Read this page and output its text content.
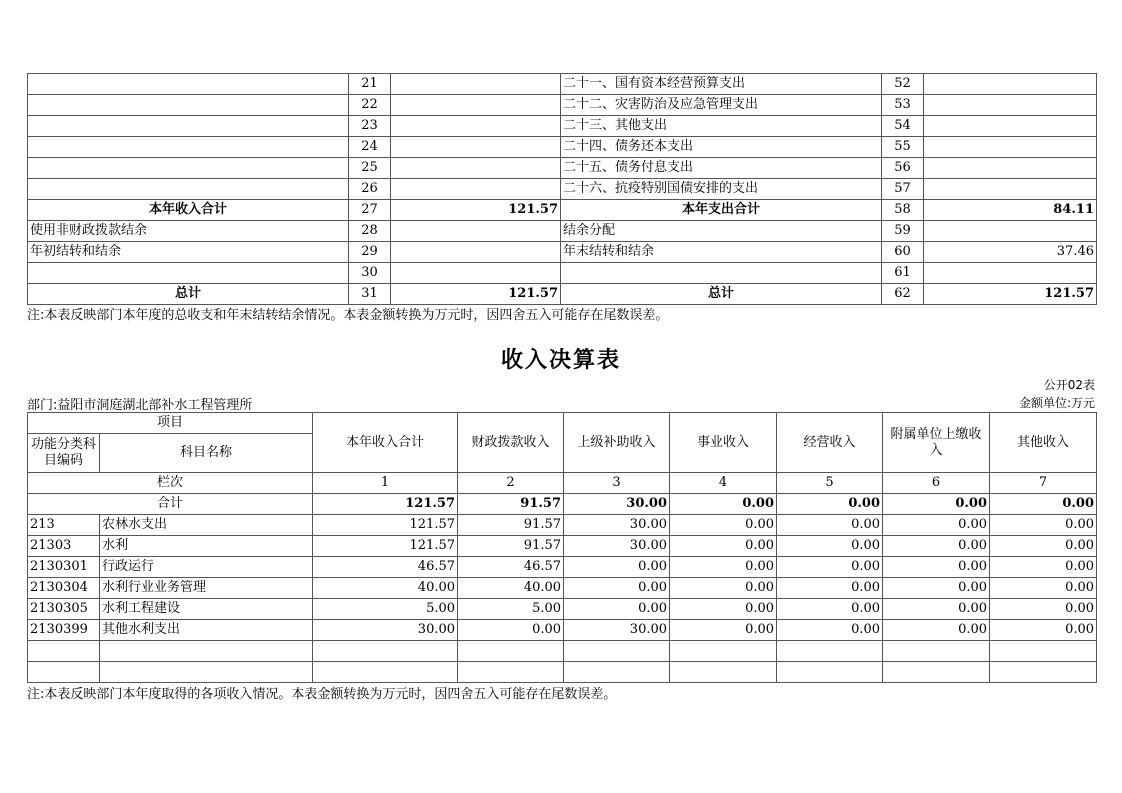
	21		二十一、国有资本经营预算支出	52	
	22		二十二、灾害防治及应急管理支出	53	
	23		二十三、其他支出	54	
	24		二十四、债务还本支出	55	
	25		二十五、债务付息支出	56	
	26		二十六、抗疫特别国债安排的支出	57	
本年收入合计	27	121.57	本年支出合计	58	84.11
使用非财政拨款结余	28		结余分配	59	
年初结转和结余	29		年末结转和结余	60	37.46
	30			61	
总计	31	121.57	总计	62	121.57
注:本表反映部门本年度的总收支和年末结转结余情况。本表金额转换为万元时，因四舍五入可能存在尾数误差。
收入决算表
公开02表
部门:益阳市洞庭湖北部补水工程管理所	金额单位:万元
项目		本年收入合计	财政拨款收入	上级补助收入	事业收入	经营收入	附属单位上缴收入	其他收入
功能分类科目编码	科目名称							
栏次		1	2	3	4	5	6	7
合计		121.57	91.57	30.00	0.00	0.00	0.00	0.00
213	农林水支出	121.57	91.57	30.00	0.00	0.00	0.00	0.00
21303	水利	121.57	91.57	30.00	0.00	0.00	0.00	0.00
2130301	行政运行	46.57	46.57	0.00	0.00	0.00	0.00	0.00
2130304	水利行业业务管理	40.00	40.00	0.00	0.00	0.00	0.00	0.00
2130305	水利工程建设	5.00	5.00	0.00	0.00	0.00	0.00	0.00
2130399	其他水利支出	30.00	0.00	30.00	0.00	0.00	0.00	0.00

注:本表反映部门本年度取得的各项收入情况。本表金额转换为万元时，因四舍五入可能存在尾数误差。
